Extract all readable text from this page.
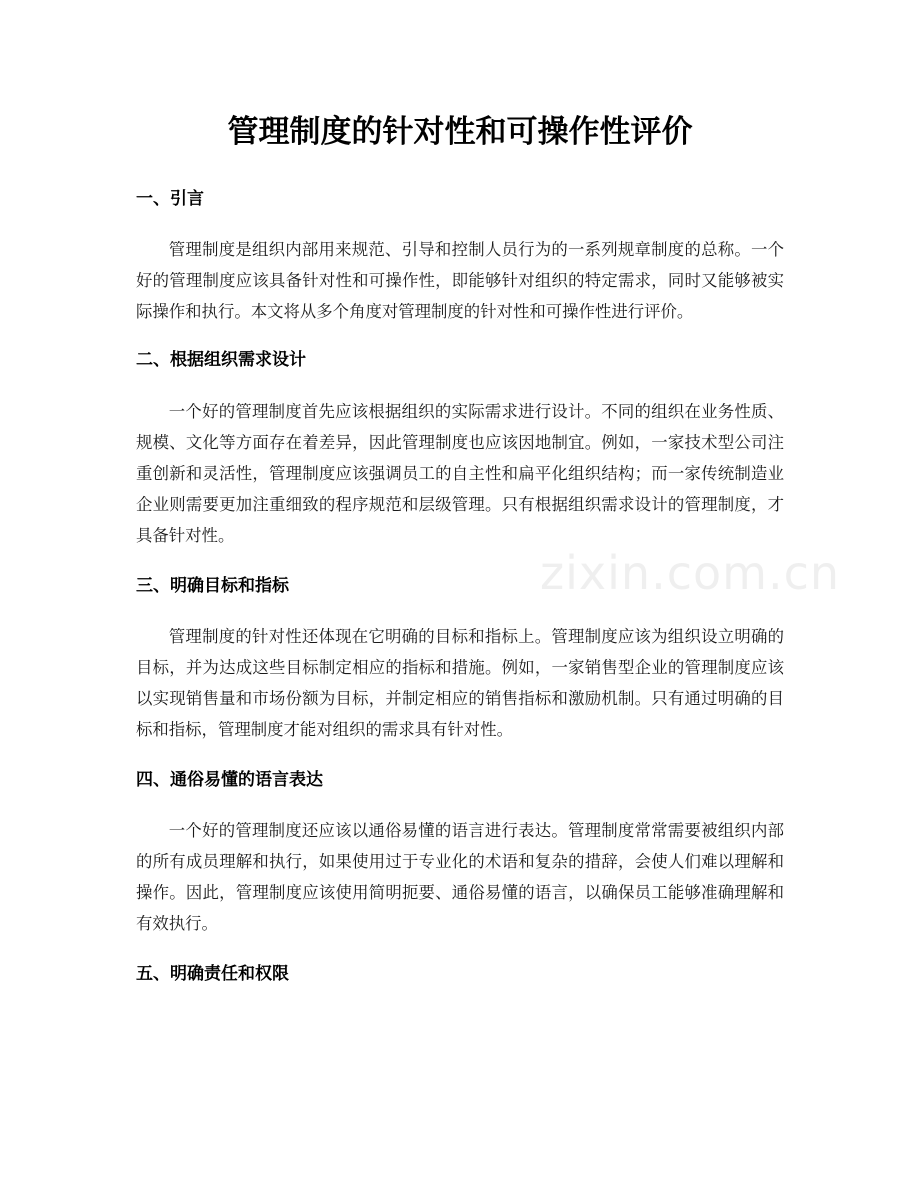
管理制度的针对性和可操作性评价
一、引言

管理制度是组织内部用来规范、引导和控制人员行为的一系列规章制度的总称。一个好的管理制度应该具备针对性和可操作性，即能够针对组织的特定需求，同时又能够被实际操作和执行。本文将从多个角度对管理制度的针对性和可操作性进行评价。

二、根据组织需求设计

一个好的管理制度首先应该根据组织的实际需求进行设计。不同的组织在业务性质、规模、文化等方面存在着差异，因此管理制度也应该因地制宜。例如，一家技术型公司注重创新和灵活性，管理制度应该强调员工的自主性和扁平化组织结构；而一家传统制造业企业则需要更加注重细致的程序规范和层级管理。只有根据组织需求设计的管理制度，才具备针对性。

三、明确目标和指标

管理制度的针对性还体现在它明确的目标和指标上。管理制度应该为组织设立明确的目标，并为达成这些目标制定相应的指标和措施。例如，一家销售型企业的管理制度应该以实现销售量和市场份额为目标，并制定相应的销售指标和激励机制。只有通过明确的目标和指标，管理制度才能对组织的需求具有针对性。

四、通俗易懂的语言表达

一个好的管理制度还应该以通俗易懂的语言进行表达。管理制度常常需要被组织内部的所有成员理解和执行，如果使用过于专业化的术语和复杂的措辞，会使人们难以理解和操作。因此，管理制度应该使用简明扼要、通俗易懂的语言，以确保员工能够准确理解和有效执行。

五、明确责任和权限
zixin.com.cn
